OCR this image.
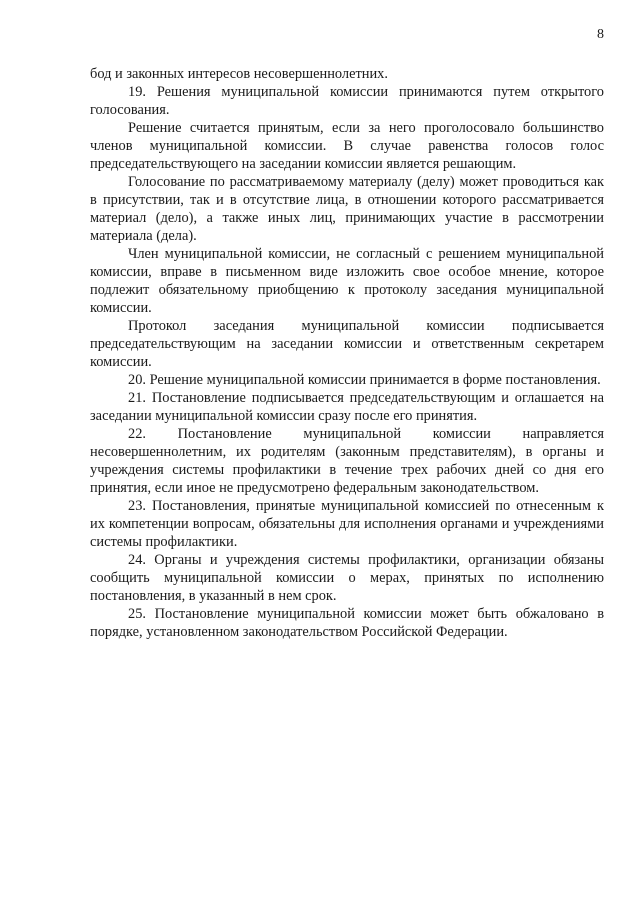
8

бод и законных интересов несовершеннолетних.

19. Решения муниципальной комиссии принимаются путем открытого голосования.

Решение считается принятым, если за него проголосовало большинство членов муниципальной комиссии. В случае равенства голосов голос председательствующего на заседании комиссии является решающим.

Голосование по рассматриваемому материалу (делу) может проводиться как в присутствии, так и в отсутствие лица, в отношении которого рассматривается материал (дело), а также иных лиц, принимающих участие в рассмотрении материала (дела).

Член муниципальной комиссии, не согласный с решением муниципальной комиссии, вправе в письменном виде изложить свое особое мнение, которое подлежит обязательному приобщению к протоколу заседания муниципальной комиссии.

Протокол заседания муниципальной комиссии подписывается председательствующим на заседании комиссии и ответственным секретарем комиссии.

20. Решение муниципальной комиссии принимается в форме постановления.

21. Постановление подписывается председательствующим и оглашается на заседании муниципальной комиссии сразу после его принятия.

22. Постановление муниципальной комиссии направляется несовершеннолетним, их родителям (законным представителям), в органы и учреждения системы профилактики в течение трех рабочих дней со дня его принятия, если иное не предусмотрено федеральным законодательством.

23. Постановления, принятые муниципальной комиссией по отнесенным к их компетенции вопросам, обязательны для исполнения органами и учреждениями системы профилактики.

24. Органы и учреждения системы профилактики, организации обязаны сообщить муниципальной комиссии о мерах, принятых по исполнению постановления, в указанный в нем срок.

25. Постановление муниципальной комиссии может быть обжаловано в порядке, установленном законодательством Российской Федерации.
